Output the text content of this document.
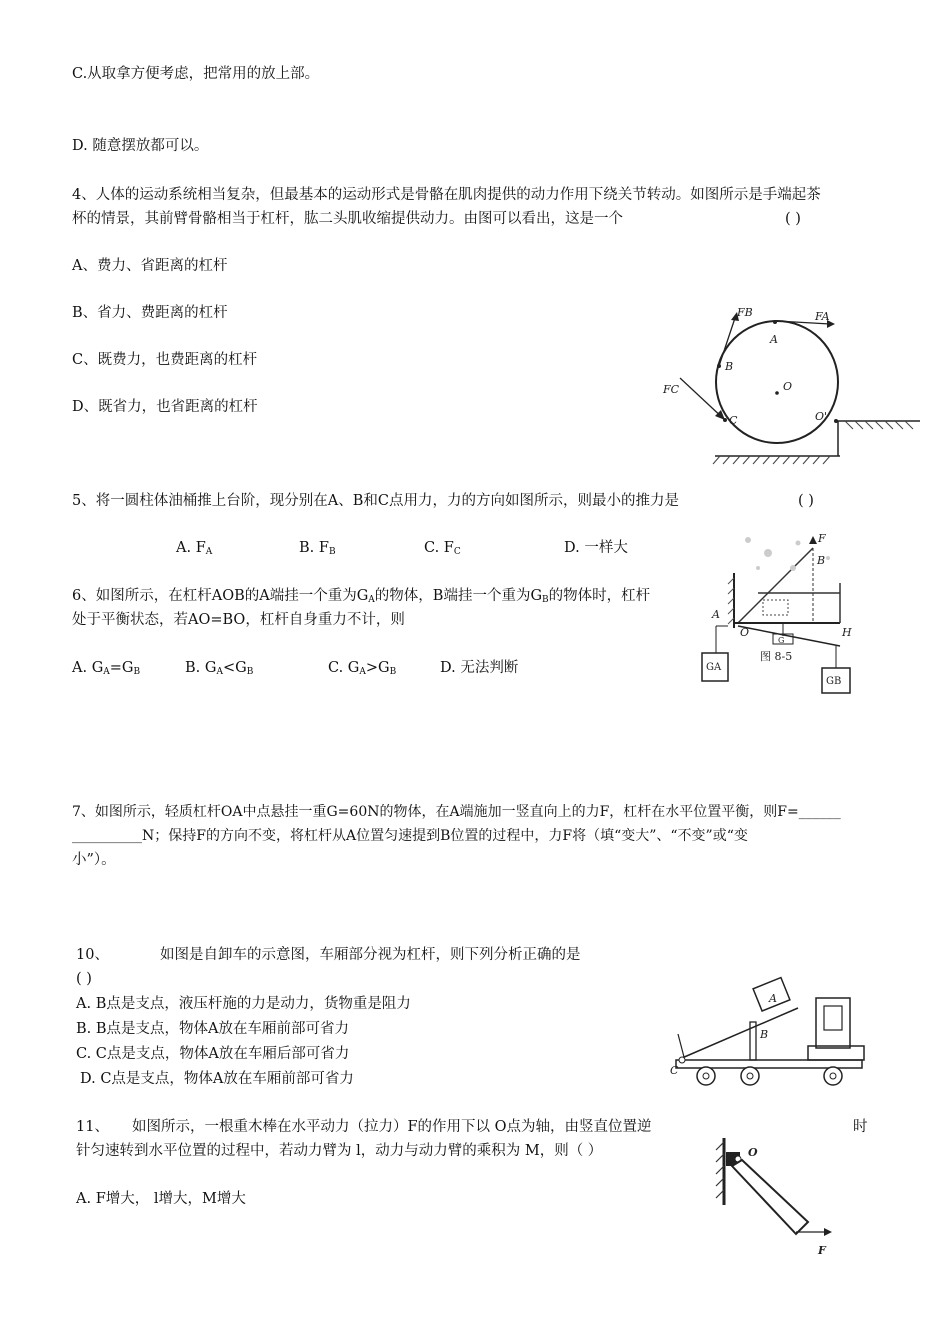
C.从取拿方便考虑，把常用的放上部。
D. 随意摆放都可以。
4、人体的运动系统相当复杂，但最基本的运动形式是骨骼在肌肉提供的动力作用下绕关节转动。如图所示是手端起茶
杯的情景，其前臂骨骼相当于杠杆，肱二头肌收缩提供动力。由图可以看出，这是一个	( )
A、费力、省距离的杠杆
B、省力、费距离的杠杆
C、既费力，也费距离的杠杆
D、既省力，也省距离的杠杆
5、将一圆柱体油桶推上台阶，现分别在A、B和C点用力，力的方向如图所示，则最小的推力是	( )
A. $F_A$	B. $F_B$	C. $F_C$	D. 一样大
6、如图所示，在杠杆AOB的A端挂一个重为$G_A$的物体，B端挂一个重为$G_B$的物体时，杠杆
处于平衡状态，若AO=BO，杠杆自身重力不计，则
A. $G_A=G_B$	B. $G_A<G_B$	C. $G_A>G_B$	D. 无法判断
7、如图所示，轻质杠杆OA中点悬挂一重G=60N的物体，在A端施加一竖直向上的力F，杠杆在水平位置平衡，则F=______
__________N；保持F的方向不变，将杠杆从A位置匀速提到B位置的过程中，力F将（填“变大”、“不变”或“变
小”）。
10、	如图是自卸车的示意图，车厢部分视为杠杆，则下列分析正确的是
( )
A. B点是支点，液压杆施的力是动力，货物重是阻力
B. B点是支点，物体A放在车厢前部可省力
C. C点是支点，物体A放在车厢后部可省力
D. C点是支点，物体A放在车厢前部可省力
11、 如图所示，一根重木棒在水平动力（拉力）F的作用下以 O点为轴，由竖直位置逆	时
针匀速转到水平位置的过程中，若动力臂为 l，动力与动力臂的乘积为 M，则（ ）
A. F增大， l增大，M增大
FB	FA
FC
A
B
C
O
O'
G
F
B
A
O	H
GA
GB
图 8-5
A
B
C
O
F
